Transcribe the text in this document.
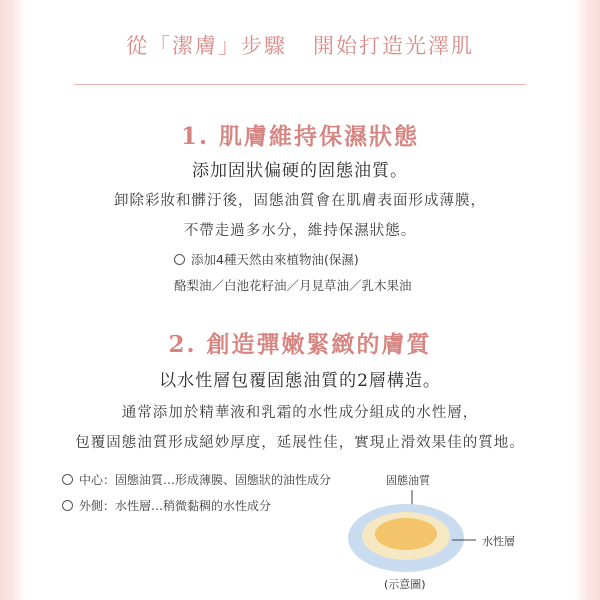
從「潔膚」步驟 開始打造光澤肌
1. 肌膚維持保濕狀態
添加固狀偏硬的固態油質。
卸除彩妝和髒汙後，固態油質會在肌膚表面形成薄膜，
不帶走過多水分，維持保濕狀態。
添加4種天然由來植物油(保濕)
酪梨油／白池花籽油／月見草油／乳木果油
2. 創造彈嫩緊緻的膚質
以水性層包覆固態油質的2層構造。
通常添加於精華液和乳霜的水性成分組成的水性層，
包覆固態油質形成絕妙厚度，延展性佳，實現止滑效果佳的質地。
中心：固態油質…形成薄膜、固態狀的油性成分
外側：水性層…稍微黏稠的水性成分
固態油質
水性層
(示意圖)
